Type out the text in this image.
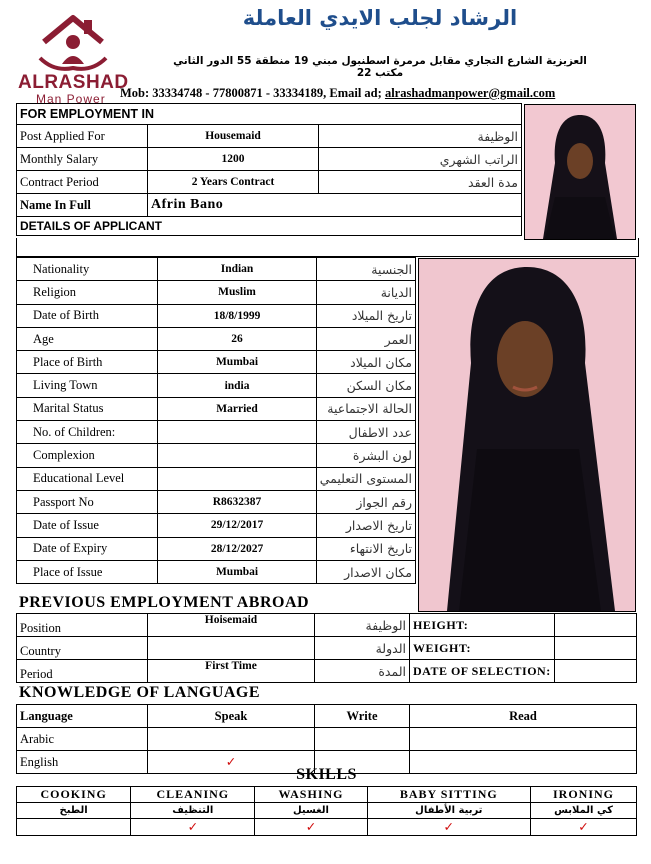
ALRASHAD
Man Power
الرشاد لجلب الايدي العاملة
العزيزية الشارع التجاري مقابل مرمرة اسطنبول مبني 19 منطقة 55 الدور الثاني مكتب 22
Mob: 33334748 - 77800871 - 33334189, Email ad; alrashadmanpower@gmail.com
FOR EMPLOYMENT IN		
Post Applied For	Housemaid	الوظيفة
Monthly Salary	1200	الراتب الشهري
Contract Period	2 Years Contract	مدة العقد
Name In Full	Afrin Bano	
DETAILS OF APPLICANT		
Nationality	Indian	الجنسية
Religion	Muslim	الديانة
Date of Birth	18/8/1999	تاريخ الميلاد
Age	26	العمر
Place of Birth	Mumbai	مكان الميلاد
Living Town	india	مكان السكن
Marital Status	Married	الحالة الاجتماعية
No. of Children:		عدد الاطفال
Complexion		لون البشرة
Educational Level		المستوى التعليمي
Passport No	R8632387	رقم الجواز
Date of Issue	29/12/2017	تاريخ الاصدار
Date of Expiry	28/12/2027	تاريخ الانتهاء
Place of Issue	Mumbai	مكان الاصدار
PREVIOUS EMPLOYMENT ABROAD
Position	Hoisemaid	الوظيفة	HEIGHT:	
Country		الدولة	WEIGHT:	
Period	First Time	المدة	DATE OF SELECTION:	
KNOWLEDGE OF LANGUAGE
Language	Speak	Write	Read
Arabic			
English	✓		
SKILLS
COOKING	CLEANING	WASHING	BABY SITTING	IRONING
الطبخ	التنظيف	الغسيل	تربية الأطفال	كي الملابس
	✓	✓	✓	✓
